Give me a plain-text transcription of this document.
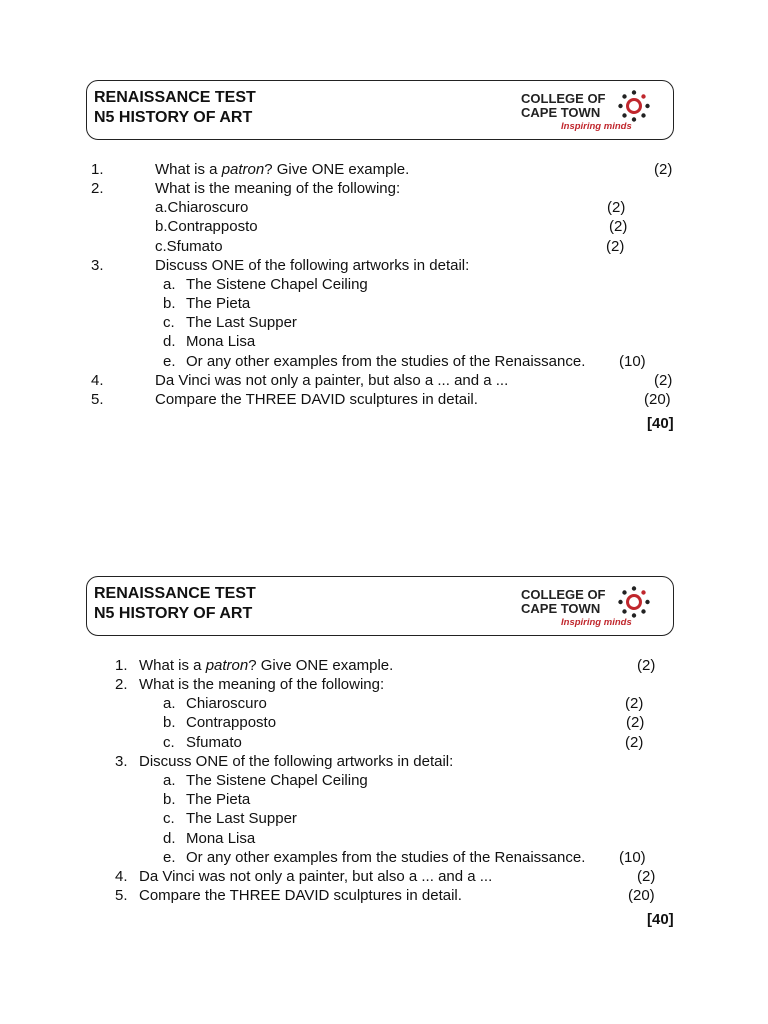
RENAISSANCE TEST
N5 HISTORY OF ART
COLLEGE OF
CAPE TOWN
Inspiring minds
1.	What is a patron? Give ONE example.	(2)
2.	What is the meaning of the following:
a.Chiaroscuro	(2)
b.Contrapposto	(2)
c.Sfumato	(2)
3.	Discuss ONE of the following artworks in detail:
a. The Sistene Chapel Ceiling
b. The Pieta
c. The Last Supper
d. Mona Lisa
e. Or any other examples from the studies of the Renaissance. (10)
4.	Da Vinci was not only a painter, but also a ... and a ...	(2)
5.	Compare the THREE DAVID sculptures in detail.	(20)
[40]
RENAISSANCE TEST
N5 HISTORY OF ART
COLLEGE OF
CAPE TOWN
Inspiring minds
1. What is a patron? Give ONE example.	(2)
2. What is the meaning of the following:
a. Chiaroscuro	(2)
b. Contrapposto	(2)
c. Sfumato	(2)
3. Discuss ONE of the following artworks in detail:
a. The Sistene Chapel Ceiling
b. The Pieta
c. The Last Supper
d. Mona Lisa
e. Or any other examples from the studies of the Renaissance. (10)
4. Da Vinci was not only a painter, but also a ... and a ...	(2)
5. Compare the THREE DAVID sculptures in detail.	(20)
[40]
